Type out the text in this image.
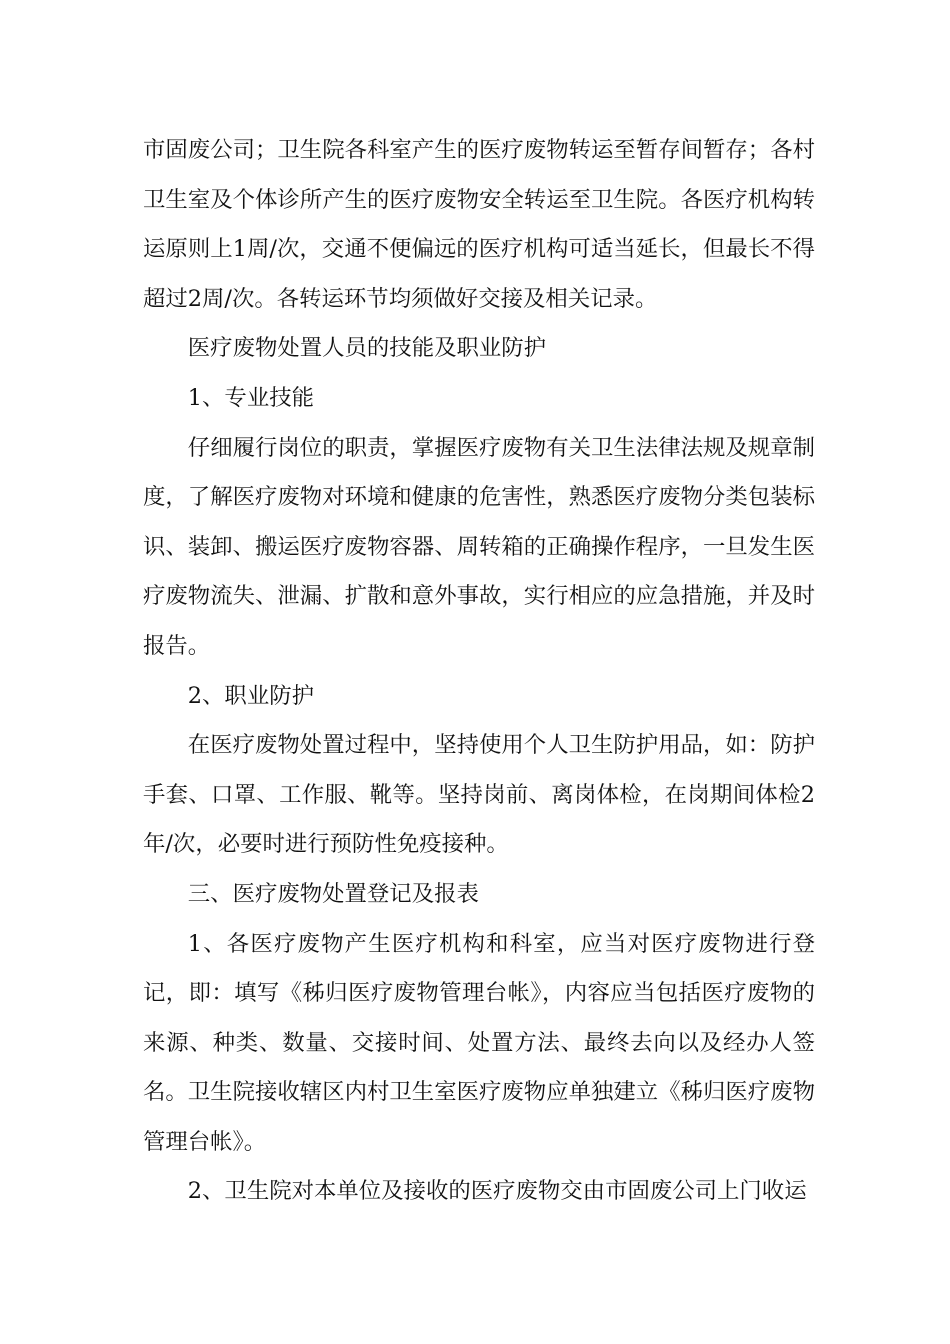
市固废公司；卫生院各科室产生的医疗废物转运至暂存间暂存；各村卫生室及个体诊所产生的医疗废物安全转运至卫生院。各医疗机构转运原则上1周/次，交通不便偏远的医疗机构可适当延长，但最长不得超过2周/次。各转运环节均须做好交接及相关记录。

医疗废物处置人员的技能及职业防护

1、专业技能

仔细履行岗位的职责，掌握医疗废物有关卫生法律法规及规章制度，了解医疗废物对环境和健康的危害性，熟悉医疗废物分类包装标识、装卸、搬运医疗废物容器、周转箱的正确操作程序，一旦发生医疗废物流失、泄漏、扩散和意外事故，实行相应的应急措施，并及时报告。

2、职业防护

在医疗废物处置过程中，坚持使用个人卫生防护用品，如：防护手套、口罩、工作服、靴等。坚持岗前、离岗体检，在岗期间体检2年/次，必要时进行预防性免疫接种。

三、医疗废物处置登记及报表

1、各医疗废物产生医疗机构和科室，应当对医疗废物进行登记，即：填写《秭归医疗废物管理台帐》，内容应当包括医疗废物的来源、种类、数量、交接时间、处置方法、最终去向以及经办人签名。卫生院接收辖区内村卫生室医疗废物应单独建立《秭归医疗废物管理台帐》。

2、卫生院对本单位及接收的医疗废物交由市固废公司上门收运
